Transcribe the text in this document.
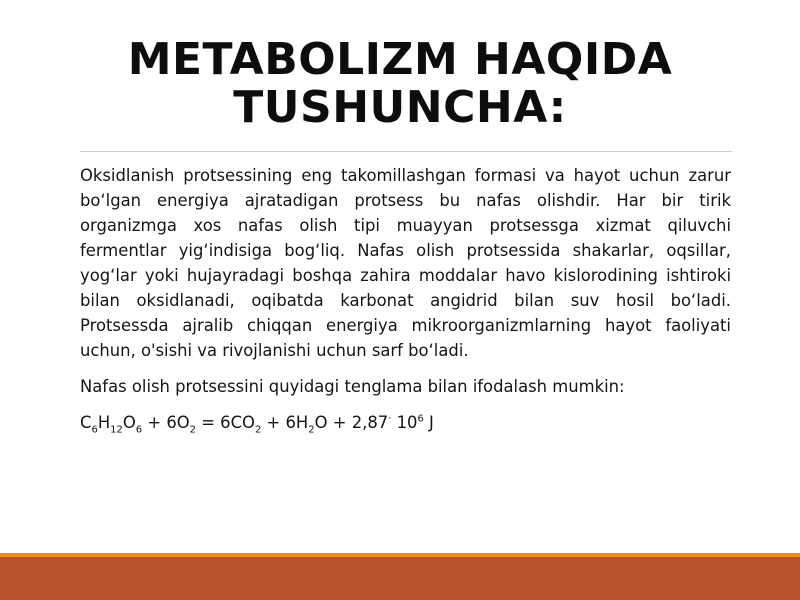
METABOLIZM HAQIDA
TUSHUNCHA:

Oksidlanish protsessining eng takomillashgan formasi va hayot uchun zarur bo‘lgan energiya ajratadigan protsess bu nafas olishdir. Har bir tirik organizmga xos nafas olish tipi muayyan protsessga xizmat qiluvchi fermentlar yig‘indisiga bog‘liq. Nafas olish protsessida shakarlar, oqsillar, yog‘lar yoki hujayradagi boshqa zahira moddalar havo kislorodining ishtiroki bilan oksidlanadi, oqibatda karbonat angidrid bilan suv hosil bo‘ladi. Protsessda ajralib chiqqan energiya mikroorganizmlarning hayot faoliyati uchun, o'sishi va rivojlanishi uchun sarf bo‘ladi.

Nafas olish protsessini quyidagi tenglama bilan ifodalash mumkin:

$C_6H_{12}O_6 + 6O_2 = 6CO_2 + 6H_2O + 2,87^\cdot$ $10^6$ J
